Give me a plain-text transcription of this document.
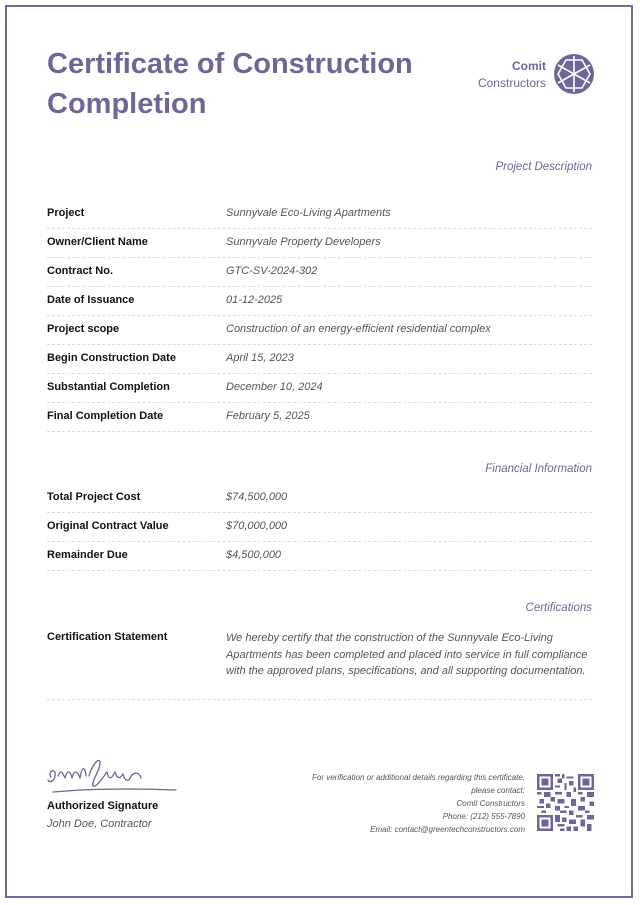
Certificate of Construction Completion
Comit
Constructors
Project Description
Project	Sunnyvale Eco-Living Apartments
Owner/Client Name	Sunnyvale Property Developers
Contract No.	GTC-SV-2024-302
Date of Issuance	01-12-2025
Project scope	Construction of an energy-efficient residential complex
Begin Construction Date	April 15, 2023
Substantial Completion	December 10, 2024
Final Completion Date	February 5, 2025
Financial Information
Total Project Cost	$74,500,000
Original Contract Value	$70,000,000
Remainder Due	$4,500,000
Certifications
Certification Statement	We hereby certify that the construction of the Sunnyvale Eco-Living Apartments has been completed and placed into service in full compliance with the approved plans, specifications, and all supporting documentation.
Authorized Signature
John Doe, Contractor
For verification or additional details regarding this certificate,
please contact:
Comit Constructors
Phone: (212) 555-7890
Email: contact@greentechconstructors.com
